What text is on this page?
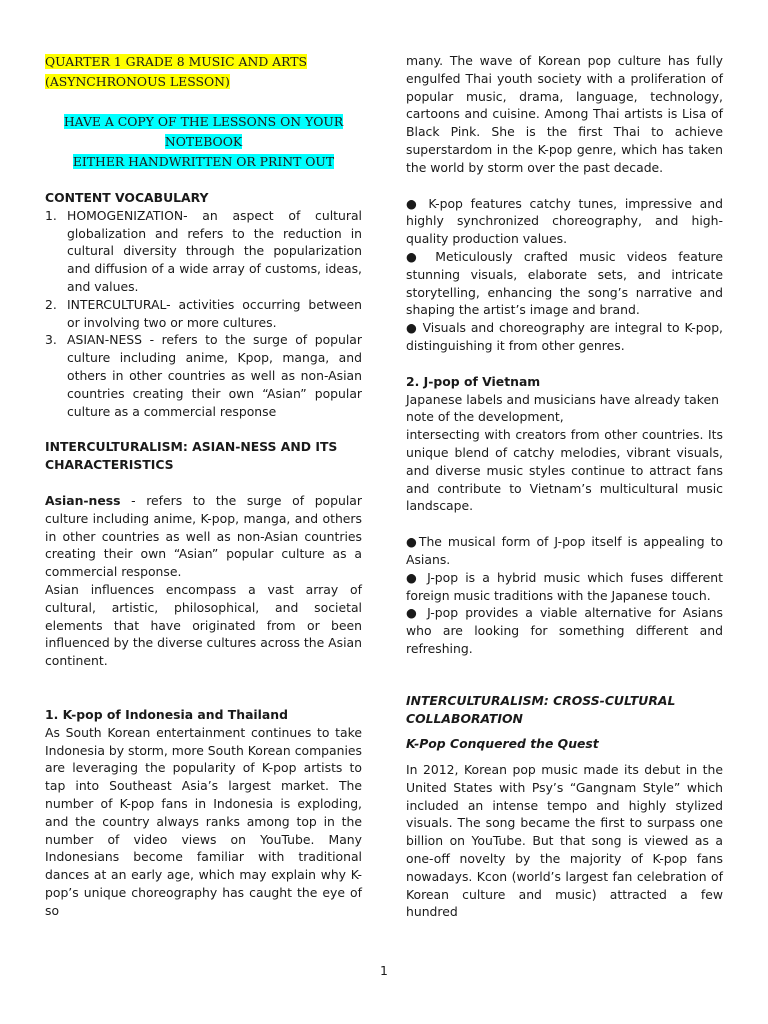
QUARTER 1 GRADE 8 MUSIC AND ARTS
(ASYNCHRONOUS LESSON)
HAVE A COPY OF THE LESSONS ON YOUR
NOTEBOOK
EITHER HANDWRITTEN OR PRINT OUT

CONTENT VOCABULARY

1. HOMOGENIZATION- an aspect of cultural globalization and refers to the reduction in cultural diversity through the popularization and diffusion of a wide array of customs, ideas, and values.
2. INTERCULTURAL- activities occurring between or involving two or more cultures.
3. ASIAN-NESS - refers to the surge of popular culture including anime, Kpop, manga, and others in other countries as well as non-Asian countries creating their own “Asian” popular culture as a commercial response

INTERCULTURALISM: ASIAN-NESS AND ITS CHARACTERISTICS

Asian-ness - refers to the surge of popular culture including anime, K-pop, manga, and others in other countries as well as non-Asian countries creating their own “Asian” popular culture as a commercial response.

Asian influences encompass a vast array of cultural, artistic, philosophical, and societal elements that have originated from or been influenced by the diverse cultures across the Asian continent.

1. K-pop of Indonesia and Thailand

As South Korean entertainment continues to take Indonesia by storm, more South Korean companies are leveraging the popularity of K-pop artists to tap into Southeast Asia’s largest market. The number of K-pop fans in Indonesia is exploding, and the country always ranks among top in the number of video views on YouTube. Many Indonesians become familiar with traditional dances at an early age, which may explain why K-pop’s unique choreography has caught the eye of so

many. The wave of Korean pop culture has fully engulfed Thai youth society with a proliferation of popular music, drama, language, technology, cartoons and cuisine. Among Thai artists is Lisa of Black Pink. She is the first Thai to achieve superstardom in the K-pop genre, which has taken the world by storm over the past decade.

● K-pop features catchy tunes, impressive and highly synchronized choreography, and high-quality production values.

● Meticulously crafted music videos feature stunning visuals, elaborate sets, and intricate storytelling, enhancing the song’s narrative and shaping the artist’s image and brand.

● Visuals and choreography are integral to K-pop, distinguishing it from other genres.

2. J-pop of Vietnam

Japanese labels and musicians have already taken note of the development,

intersecting with creators from other countries. Its unique blend of catchy melodies, vibrant visuals, and diverse music styles continue to attract fans and contribute to Vietnam’s multicultural music landscape.

●The musical form of J-pop itself is appealing to Asians.

● J-pop is a hybrid music which fuses different foreign music traditions with the Japanese touch.

● J-pop provides a viable alternative for Asians who are looking for something different and refreshing.

INTERCULTURALISM: CROSS-CULTURAL COLLABORATION

K-Pop Conquered the Quest

In 2012, Korean pop music made its debut in the United States with Psy’s “Gangnam Style” which included an intense tempo and highly stylized visuals. The song became the first to surpass one billion on YouTube. But that song is viewed as a one-off novelty by the majority of K-pop fans nowadays. Kcon (world’s largest fan celebration of Korean culture and music) attracted a few hundred

1
